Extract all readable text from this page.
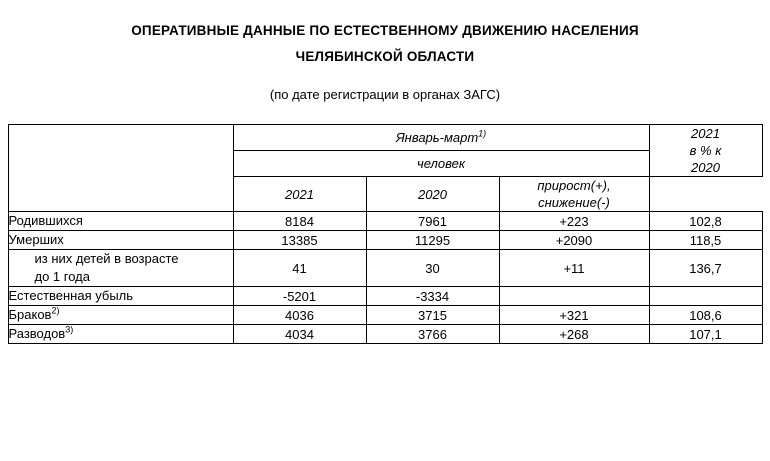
ОПЕРАТИВНЫЕ ДАННЫЕ ПО ЕСТЕСТВЕННОМУ ДВИЖЕНИЮ НАСЕЛЕНИЯ
ЧЕЛЯБИНСКОЙ ОБЛАСТИ
(по дате регистрации в органах ЗАГС)
	Январь-март$^{1)}$			2021
в % к
2020

	человек			
	2021	2020	прирост(+),
снижение(-)	

Родившихся	8184	7961	+223	102,8
Умерших	13385	11295	+2090	118,5

из них детей в возрасте
до 1 года	41	30	+11	136,7
Естественная убыль	-5201	-3334		
Браков$^{2)}$	4036	3715	+321	108,6
Разводов$^{3)}$	4034	3766	+268	107,1
